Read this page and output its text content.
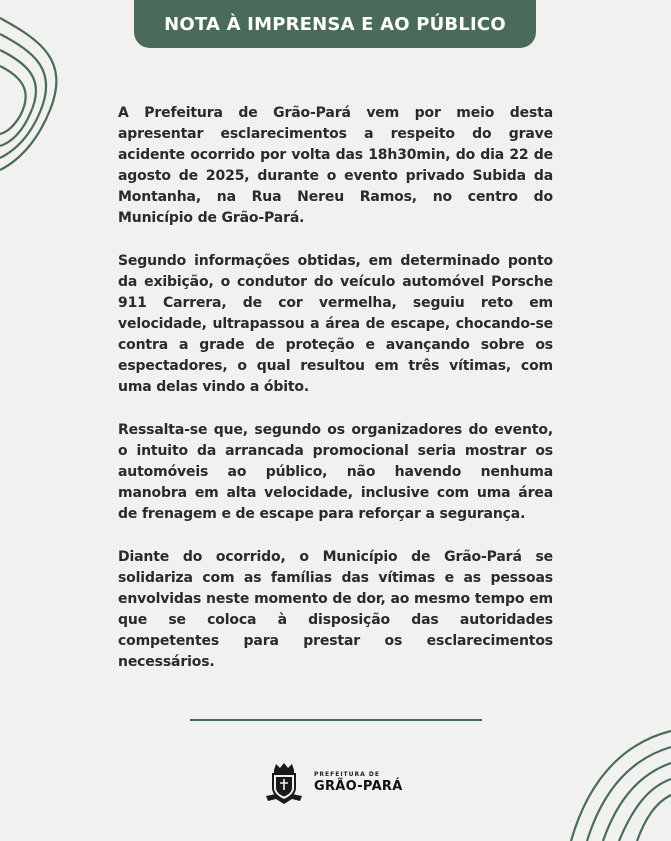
NOTA À IMPRENSA E AO PÚBLICO

A Prefeitura de Grão-Pará vem por meio desta apresentar esclarecimentos a respeito do grave acidente ocorrido por volta das 18h30min, do dia 22 de agosto de 2025, durante o evento privado Subida da Montanha, na Rua Nereu Ramos, no centro do Município de Grão-Pará.

Segundo informações obtidas, em determinado ponto da exibição, o condutor do veículo automóvel Porsche 911 Carrera, de cor vermelha, seguiu reto em velocidade, ultrapassou a área de escape, chocando-se contra a grade de proteção e avançando sobre os espectadores, o qual resultou em três vítimas, com uma delas vindo a óbito.

Ressalta-se que, segundo os organizadores do evento, o intuito da arrancada promocional seria mostrar os automóveis ao público, não havendo nenhuma manobra em alta velocidade, inclusive com uma área de frenagem e de escape para reforçar a segurança.

Diante do ocorrido, o Município de Grão-Pará se solidariza com as famílias das vítimas e as pessoas envolvidas neste momento de dor, ao mesmo tempo em que se coloca à disposição das autoridades competentes para prestar os esclarecimentos necessários.

PREFEITURA DE
GRÃO-PARÁ
